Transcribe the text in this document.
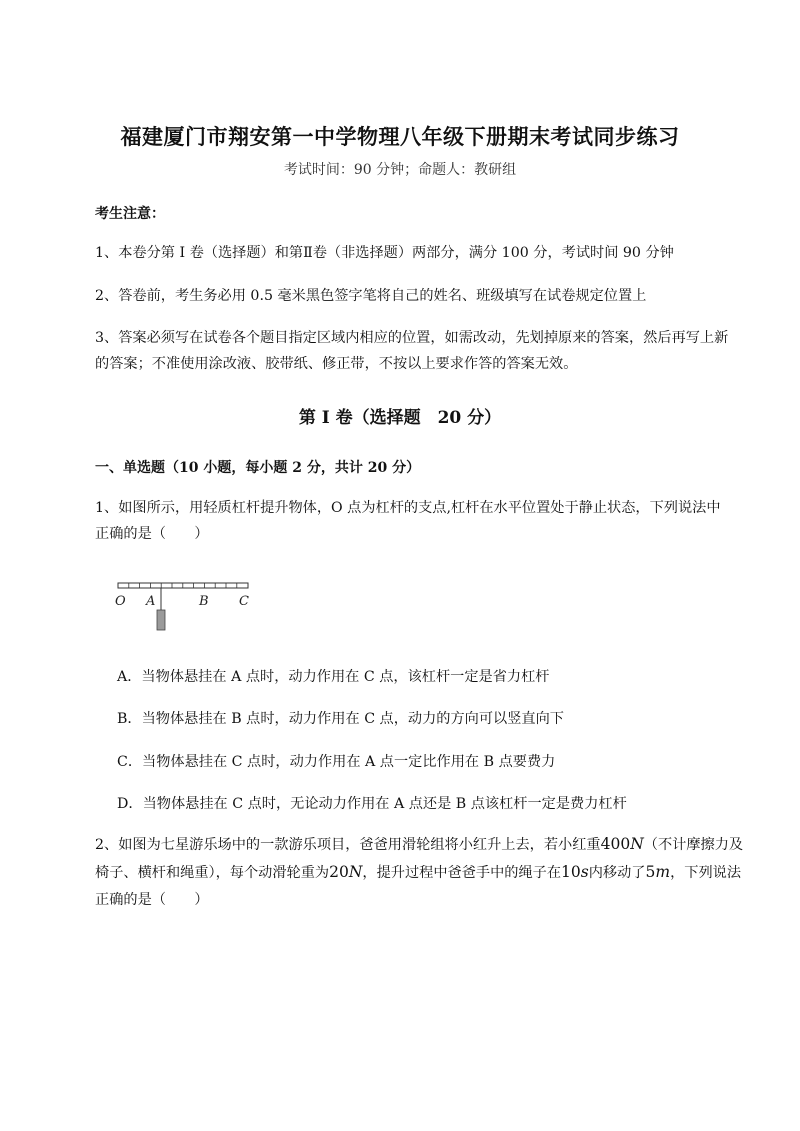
福建厦门市翔安第一中学物理八年级下册期末考试同步练习
考试时间：90 分钟；命题人：教研组
考生注意：
1、本卷分第 I 卷（选择题）和第Ⅱ卷（非选择题）两部分，满分 100 分，考试时间 90 分钟
2、答卷前，考生务必用 0.5 毫米黑色签字笔将自己的姓名、班级填写在试卷规定位置上
3、答案必须写在试卷各个题目指定区域内相应的位置，如需改动，先划掉原来的答案，然后再写上新
的答案；不准使用涂改液、胶带纸、修正带，不按以上要求作答的答案无效。
第 I 卷（选择题　20 分）
一、单选题（10 小题，每小题 2 分，共计 20 分）
1、如图所示，用轻质杠杆提升物体，O 点为杠杆的支点,杠杆在水平位置处于静止状态，下列说法中
正确的是（　　）
O A	B C
A．当物体悬挂在 A 点时，动力作用在 C 点，该杠杆一定是省力杠杆
B．当物体悬挂在 B 点时，动力作用在 C 点，动力的方向可以竖直向下
C．当物体悬挂在 C 点时，动力作用在 A 点一定比作用在 B 点要费力
D．当物体悬挂在 C 点时，无论动力作用在 A 点还是 B 点该杠杆一定是费力杠杆
2、如图为七星游乐场中的一款游乐项目，爸爸用滑轮组将小红升上去，若小红重400N（不计摩擦力及椅子、横杆和绳重），每个动滑轮重为20N，提升过程中爸爸手中的绳子在10s内移动了5m，下列说法正确的是（　　）
